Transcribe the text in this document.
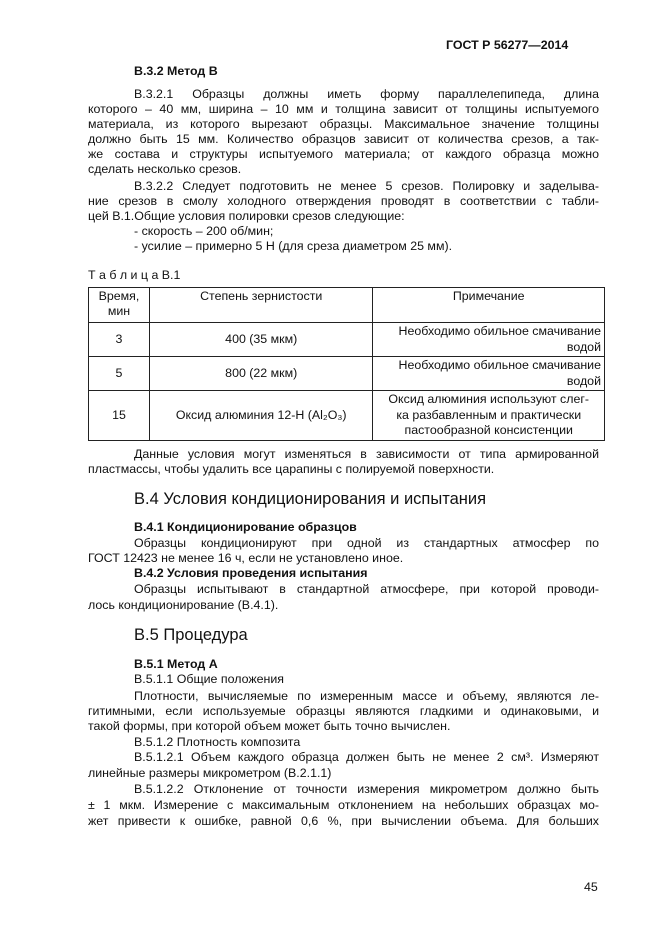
ГОСТ Р 56277—2014
В.3.2 Метод В
В.3.2.1 Образцы должны иметь форму параллелепипеда, длина
которого – 40 мм, ширина – 10 мм и толщина зависит от толщины испытуемого
материала, из которого вырезают образцы. Максимальное значение толщины
должно быть 15 мм. Количество образцов зависит от количества срезов, а так-
же состава и структуры испытуемого материала; от каждого образца можно
сделать несколько срезов.
В.3.2.2 Следует подготовить не менее 5 срезов. Полировку и заделыва-
ние срезов в смолу холодного отверждения проводят в соответствии с табли-
цей В.1.Общие условия полировки срезов следующие:
- скорость – 200 об/мин;
- усилие – примерно 5 Н (для среза диаметром 25 мм).
Т а б л и ц а В.1
Время, мин	Степень зернистости	Примечание
3	400 (35 мкм)	Необходимо обильное смачивание
водой
5	800 (22 мкм)	Необходимо обильное смачивание
водой
15	Оксид алюминия 12-Н (Al₂O₃)	Оксид алюминия используют слег-
ка разбавленным и практически
пастообразной консистенции
Данные условия могут изменяться в зависимости от типа армированной
пластмассы, чтобы удалить все царапины с полируемой поверхности.
В.4 Условия кондиционирования и испытания
В.4.1 Кондиционирование образцов
Образцы кондиционируют при одной из стандартных атмосфер по
ГОСТ 12423 не менее 16 ч, если не установлено иное.
В.4.2 Условия проведения испытания
Образцы испытывают в стандартной атмосфере, при которой проводи-
лось кондиционирование (В.4.1).
В.5 Процедура
В.5.1 Метод А
В.5.1.1 Общие положения
Плотности, вычисляемые по измеренным массе и объему, являются ле-
гитимными, если используемые образцы являются гладкими и одинаковыми, и
такой формы, при которой объем может быть точно вычислен.
В.5.1.2 Плотность композита
В.5.1.2.1 Объем каждого образца должен быть не менее 2 см³. Измеряют
линейные размеры микрометром (В.2.1.1)
В.5.1.2.2 Отклонение от точности измерения микрометром должно быть
± 1 мкм. Измерение с максимальным отклонением на небольших образцах мо-
жет привести к ошибке, равной 0,6 %, при вычислении объема. Для больших
45
